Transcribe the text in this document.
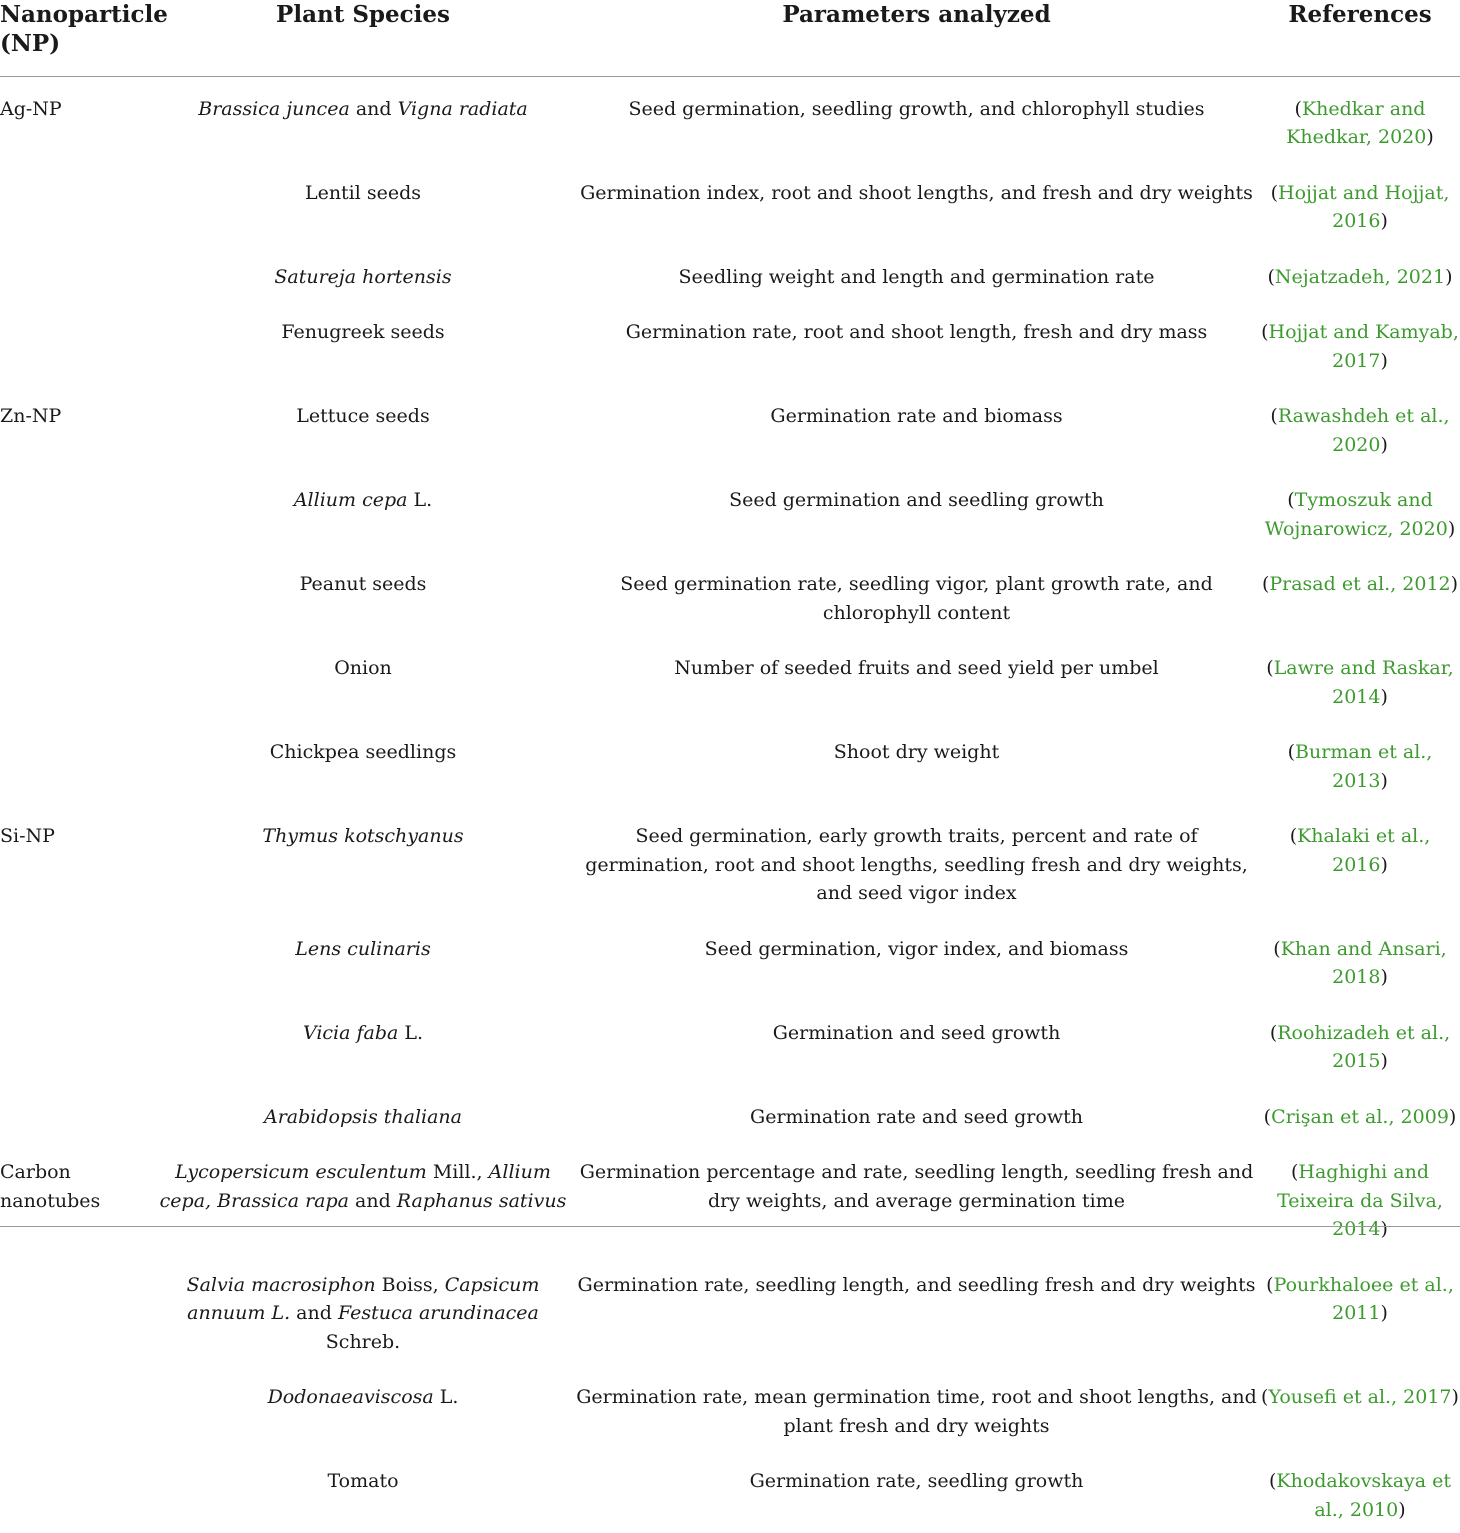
Nanoparticle (NP)	Plant Species	Parameters analyzed	References
Ag-NP	Brassica juncea and Vigna radiata	Seed germination, seedling growth, and chlorophyll studies	(Khedkar and Khedkar, 2020)
	Lentil seeds	Germination index, root and shoot lengths, and fresh and dry weights	(Hojjat and Hojjat, 2016)
	Satureja hortensis	Seedling weight and length and germination rate	(Nejatzadeh, 2021)
	Fenugreek seeds	Germination rate, root and shoot length, fresh and dry mass	(Hojjat and Kamyab, 2017)
Zn-NP	Lettuce seeds	Germination rate and biomass	(Rawashdeh et al., 2020)
	Allium cepa L.	Seed germination and seedling growth	(Tymoszuk and Wojnarowicz, 2020)
	Peanut seeds	Seed germination rate, seedling vigor, plant growth rate, and chlorophyll content	(Prasad et al., 2012)
	Onion	Number of seeded fruits and seed yield per umbel	(Lawre and Raskar, 2014)
	Chickpea seedlings	Shoot dry weight	(Burman et al., 2013)
Si-NP	Thymus kotschyanus	Seed germination, early growth traits, percent and rate of germination, root and shoot lengths, seedling fresh and dry weights, and seed vigor index	(Khalaki et al., 2016)
	Lens culinaris	Seed germination, vigor index, and biomass	(Khan and Ansari, 2018)
	Vicia faba L.	Germination and seed growth	(Roohizadeh et al., 2015)
	Arabidopsis thaliana	Germination rate and seed growth	(Crişan et al., 2009)
Carbon nanotubes	Lycopersicum esculentum Mill., Allium cepa, Brassica rapa and Raphanus sativus	Germination percentage and rate, seedling length, seedling fresh and dry weights, and average germination time	(Haghighi and Teixeira da Silva, 2014)
	Salvia macrosiphon Boiss, Capsicum annuum L. and Festuca arundinacea Schreb.	Germination rate, seedling length, and seedling fresh and dry weights	(Pourkhaloee et al., 2011)
	Dodonaeaviscosa L.	Germination rate, mean germination time, root and shoot lengths, and plant fresh and dry weights	(Yousefi et al., 2017)
	Tomato	Germination rate, seedling growth	(Khodakovskaya et al., 2010)
